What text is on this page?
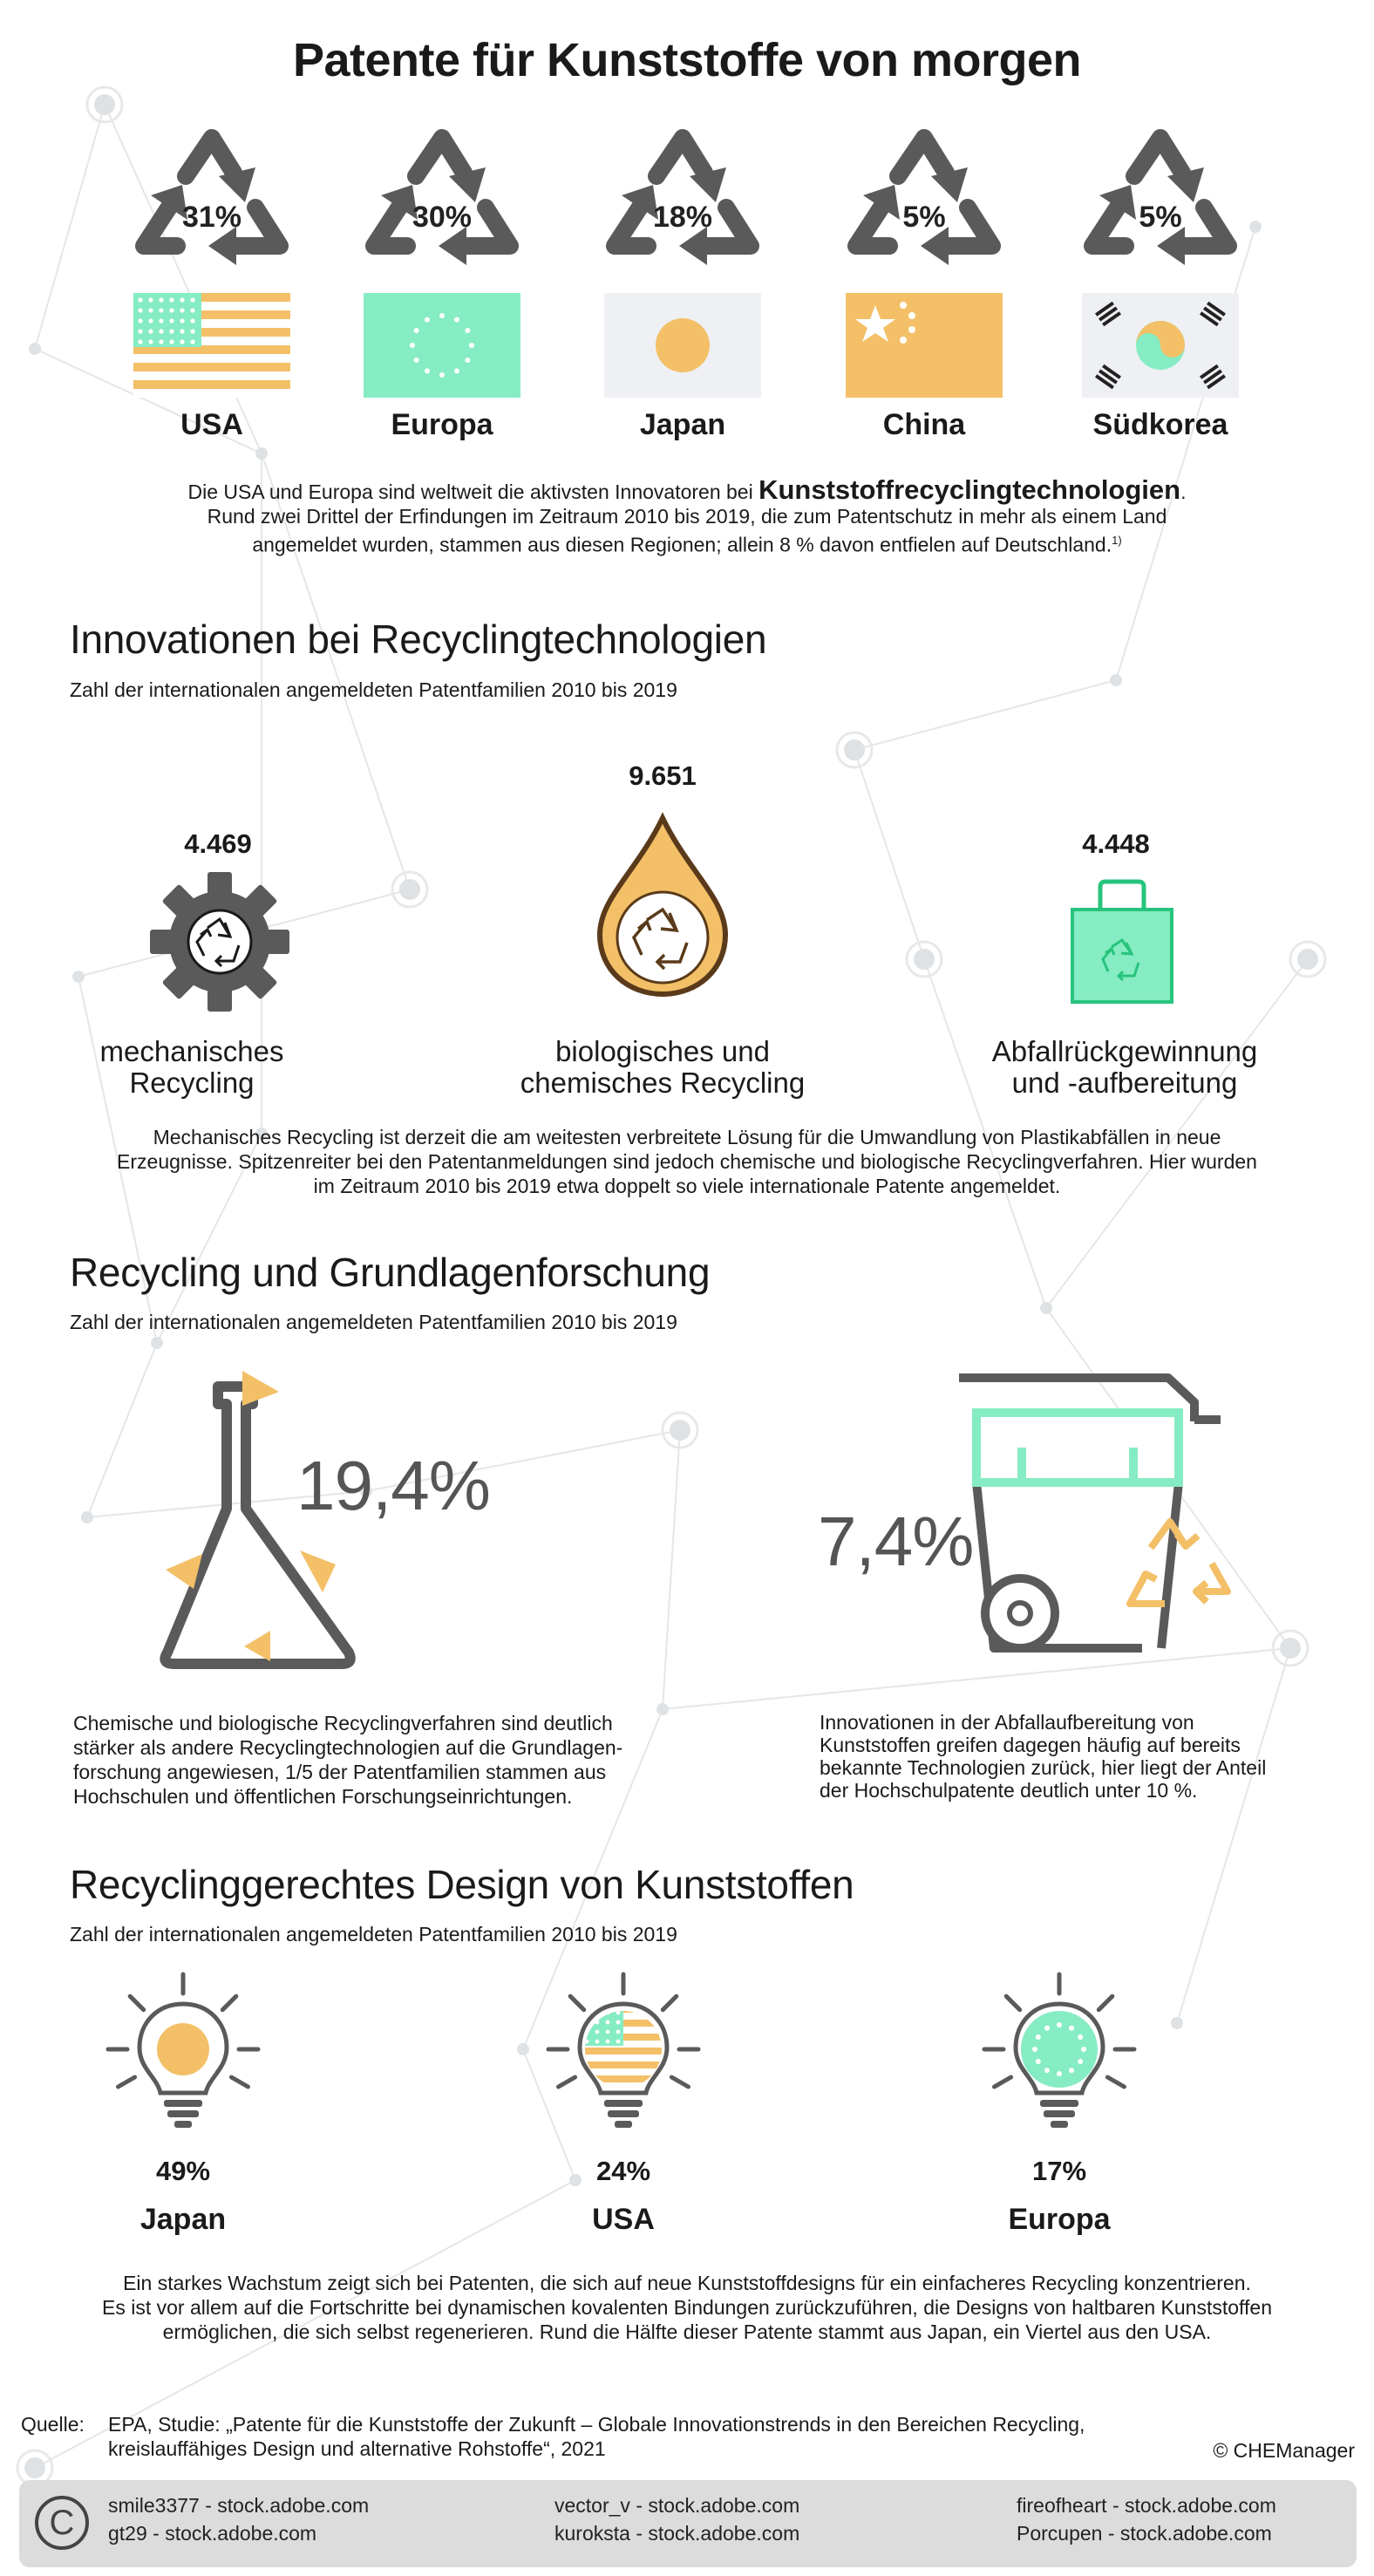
Patente für Kunststoffe von morgen
31%
USA
30%
Europa
18%
Japan
5%
China
5%
Südkorea
Die USA und Europa sind weltweit die aktivsten Innovatoren bei Kunststoffrecyclingtechnologien.
Rund zwei Drittel der Erfindungen im Zeitraum 2010 bis 2019, die zum Patentschutz in mehr als einem Land
angemeldet wurden, stammen aus diesen Regionen; allein 8 % davon entfielen auf Deutschland.$^{1)}$
Innovationen bei Recyclingtechnologien
Zahl der internationalen angemeldeten Patentfamilien 2010 bis 2019
4.469
9.651
4.448
mechanisches
Recycling
biologisches und
chemisches Recycling
Abfallrückgewinnung
und -aufbereitung
Mechanisches Recycling ist derzeit die am weitesten verbreitete Lösung für die Umwandlung von Plastikabfällen in neue
Erzeugnisse. Spitzenreiter bei den Patentanmeldungen sind jedoch chemische und biologische Recyclingverfahren. Hier wurden
im Zeitraum 2010 bis 2019 etwa doppelt so viele internationale Patente angemeldet.
Recycling und Grundlagenforschung
Zahl der internationalen angemeldeten Patentfamilien 2010 bis 2019
19,4%
7,4%
Chemische und biologische Recyclingverfahren sind deutlich
stärker als andere Recyclingtechnologien auf die Grundlagen-
forschung angewiesen, 1/5 der Patentfamilien stammen aus
Hochschulen und öffentlichen Forschungseinrichtungen.
Innovationen in der Abfallaufbereitung von
Kunststoffen greifen dagegen häufig auf bereits
bekannte Technologien zurück, hier liegt der Anteil
der Hochschulpatente deutlich unter 10 %.
Recyclinggerechtes Design von Kunststoffen
Zahl der internationalen angemeldeten Patentfamilien 2010 bis 2019
49%
Japan
24%
USA
17%
Europa
Ein starkes Wachstum zeigt sich bei Patenten, die sich auf neue Kunststoffdesigns für ein einfacheres Recycling konzentrieren.
Es ist vor allem auf die Fortschritte bei dynamischen kovalenten Bindungen zurückzuführen, die Designs von haltbaren Kunststoffen
ermöglichen, die sich selbst regenerieren. Rund die Hälfte dieser Patente stammt aus Japan, ein Viertel aus den USA.
Quelle: EPA, Studie: „Patente für die Kunststoffe der Zukunft – Globale Innovationstrends in den Bereichen Recycling,
kreislauffähiges Design und alternative Rohstoffe“, 2021	© CHEManager
C	smile3377 - stock.adobe.com
gt29 - stock.adobe.com
vector_v - stock.adobe.com
kuroksta - stock.adobe.com
fireofheart - stock.adobe.com
Porcupen - stock.adobe.com
